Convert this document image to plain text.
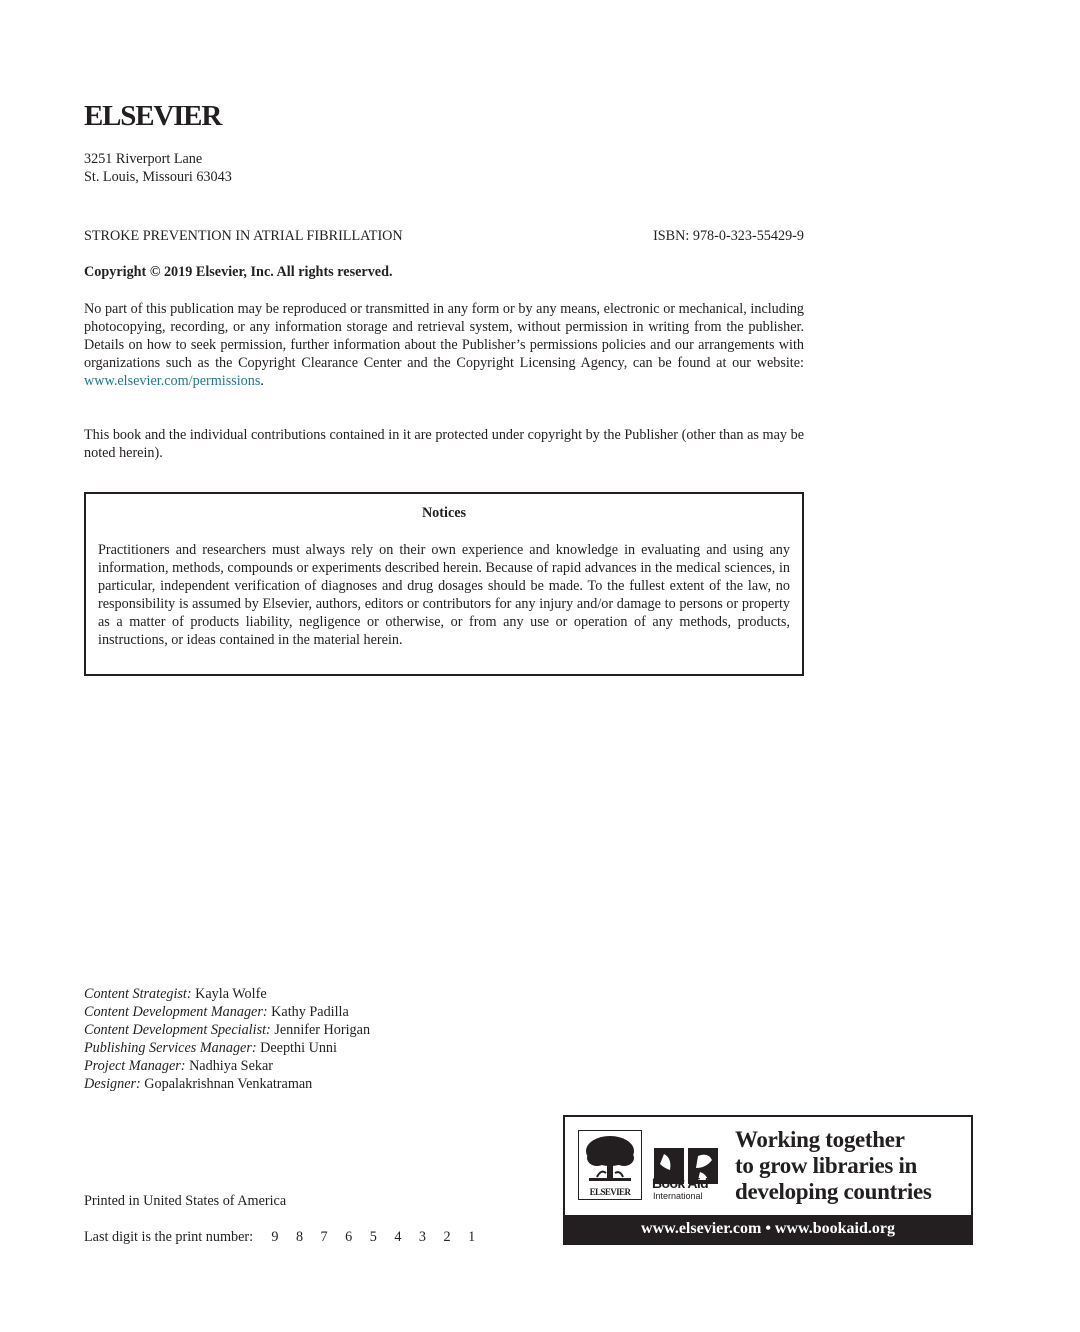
ELSEVIER
3251 Riverport Lane
St. Louis, Missouri 63043
STROKE PREVENTION IN ATRIAL FIBRILLATION	ISBN: 978-0-323-55429-9
Copyright © 2019 Elsevier, Inc. All rights reserved.
No part of this publication may be reproduced or transmitted in any form or by any means, electronic or mechanical, including photocopying, recording, or any information storage and retrieval system, without permission in writing from the publisher. Details on how to seek permission, further information about the Publisher’s permissions policies and our arrangements with organizations such as the Copyright Clearance Center and the Copyright Licensing Agency, can be found at our website: www.elsevier.com/permissions.
This book and the individual contributions contained in it are protected under copyright by the Publisher (other than as may be noted herein).
Notices
Practitioners and researchers must always rely on their own experience and knowledge in evaluating and using any information, methods, compounds or experiments described herein. Because of rapid advances in the medical sciences, in particular, independent verification of diagnoses and drug dosages should be made. To the fullest extent of the law, no responsibility is assumed by Elsevier, authors, editors or contributors for any injury and/or damage to persons or property as a matter of products liability, negligence or otherwise, or from any use or operation of any methods, products, instructions, or ideas contained in the material herein.
Content Strategist: Kayla Wolfe
Content Development Manager: Kathy Padilla
Content Development Specialist: Jennifer Horigan
Publishing Services Manager: Deepthi Unni
Project Manager: Nadhiya Sekar
Designer: Gopalakrishnan Venkatraman
Printed in United States of America
Last digit is the print number: 9 8 7 6 5 4 3 2 1
ELSEVIER
Book Aid
International
Working together
to grow libraries in
developing countries
www.elsevier.com • www.bookaid.org
